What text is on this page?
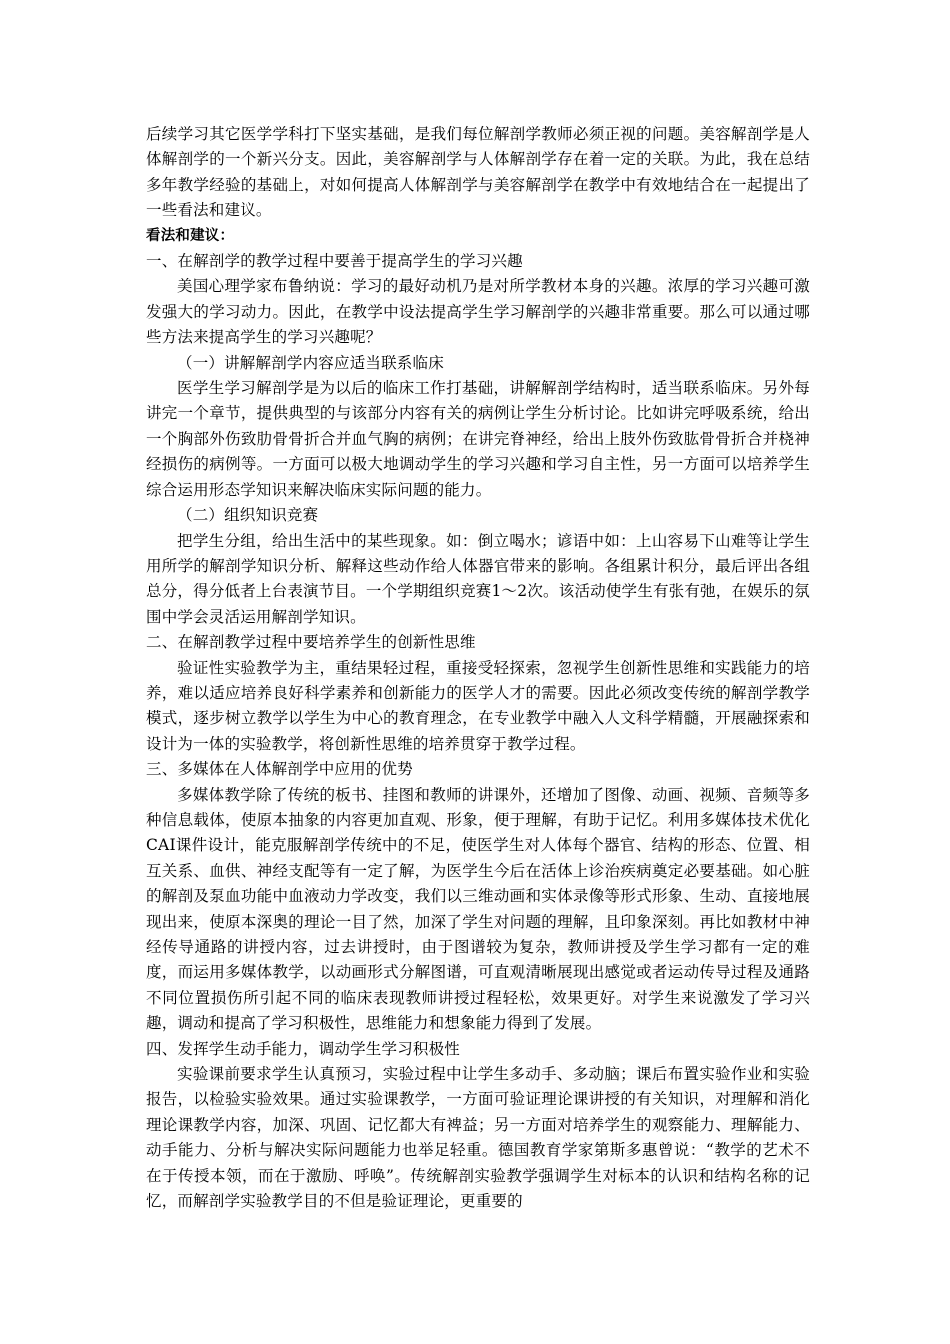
后续学习其它医学学科打下坚实基础，是我们每位解剖学教师必须正视的问题。美容解剖学是人体解剖学的一个新兴分支。因此，美容解剖学与人体解剖学存在着一定的关联。为此，我在总结多年教学经验的基础上，对如何提高人体解剖学与美容解剖学在教学中有效地结合在一起提出了一些看法和建议。

看法和建议：

一、在解剖学的教学过程中要善于提高学生的学习兴趣

美国心理学家布鲁纳说：学习的最好动机乃是对所学教材本身的兴趣。浓厚的学习兴趣可激发强大的学习动力。因此，在教学中设法提高学生学习解剖学的兴趣非常重要。那么可以通过哪些方法来提高学生的学习兴趣呢？

（一）讲解解剖学内容应适当联系临床

医学生学习解剖学是为以后的临床工作打基础，讲解解剖学结构时，适当联系临床。另外每讲完一个章节，提供典型的与该部分内容有关的病例让学生分析讨论。比如讲完呼吸系统，给出一个胸部外伤致肋骨骨折合并血气胸的病例；在讲完脊神经，给出上肢外伤致肱骨骨折合并桡神经损伤的病例等。一方面可以极大地调动学生的学习兴趣和学习自主性，另一方面可以培养学生综合运用形态学知识来解决临床实际问题的能力。

（二）组织知识竞赛

把学生分组，给出生活中的某些现象。如：倒立喝水；谚语中如：上山容易下山难等让学生用所学的解剖学知识分析、解释这些动作给人体器官带来的影响。各组累计积分，最后评出各组总分，得分低者上台表演节目。一个学期组织竞赛1～2次。该活动使学生有张有弛，在娱乐的氛围中学会灵活运用解剖学知识。

二、在解剖教学过程中要培养学生的创新性思维

验证性实验教学为主，重结果轻过程，重接受轻探索，忽视学生创新性思维和实践能力的培养，难以适应培养良好科学素养和创新能力的医学人才的需要。因此必须改变传统的解剖学教学模式，逐步树立教学以学生为中心的教育理念，在专业教学中融入人文科学精髓，开展融探索和设计为一体的实验教学，将创新性思维的培养贯穿于教学过程。

三、多媒体在人体解剖学中应用的优势

多媒体教学除了传统的板书、挂图和教师的讲课外，还增加了图像、动画、视频、音频等多种信息载体，使原本抽象的内容更加直观、形象，便于理解，有助于记忆。利用多媒体技术优化CAI课件设计，能克服解剖学传统中的不足，使医学生对人体每个器官、结构的形态、位置、相互关系、血供、神经支配等有一定了解，为医学生今后在活体上诊治疾病奠定必要基础。如心脏的解剖及泵血功能中血液动力学改变，我们以三维动画和实体录像等形式形象、生动、直接地展现出来，使原本深奥的理论一目了然，加深了学生对问题的理解，且印象深刻。再比如教材中神经传导通路的讲授内容，过去讲授时，由于图谱较为复杂，教师讲授及学生学习都有一定的难度，而运用多媒体教学，以动画形式分解图谱，可直观清晰展现出感觉或者运动传导过程及通路不同位置损伤所引起不同的临床表现教师讲授过程轻松，效果更好。对学生来说激发了学习兴趣，调动和提高了学习积极性，思维能力和想象能力得到了发展。

四、发挥学生动手能力，调动学生学习积极性

实验课前要求学生认真预习，实验过程中让学生多动手、多动脑；课后布置实验作业和实验报告，以检验实验效果。通过实验课教学，一方面可验证理论课讲授的有关知识，对理解和消化理论课教学内容，加深、巩固、记忆都大有裨益；另一方面对培养学生的观察能力、理解能力、动手能力、分析与解决实际问题能力也举足轻重。德国教育学家第斯多惠曾说：“教学的艺术不在于传授本领，而在于激励、呼唤”。传统解剖实验教学强调学生对标本的认识和结构名称的记忆，而解剖学实验教学目的不但是验证理论，更重要的
